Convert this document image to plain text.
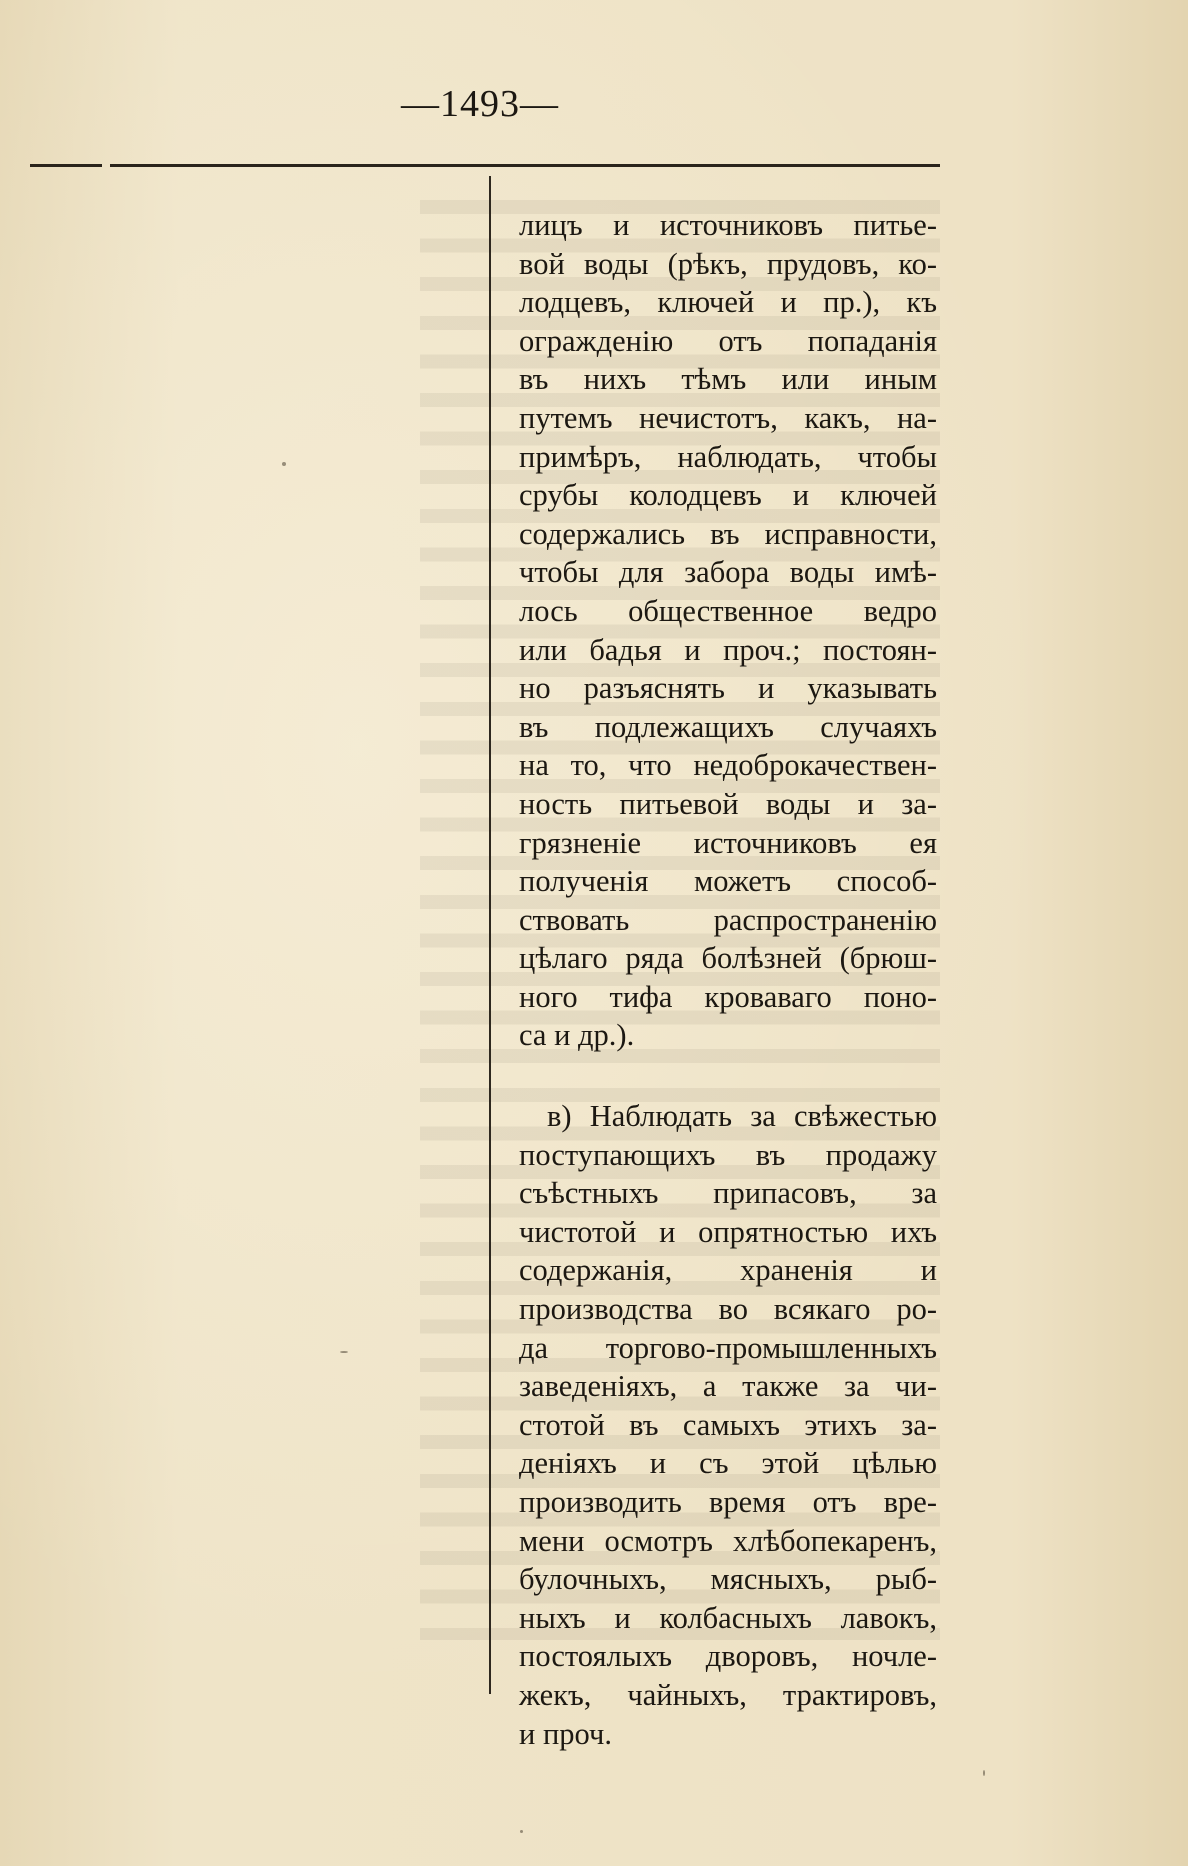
—1493—
лицъ и источниковъ питье-
вой воды (рѣкъ, прудовъ, ко-
лодцевъ, ключей и пр.), къ
огражденію отъ попаданія
въ нихъ тѣмъ или иным
путемъ нечистотъ, какъ, на-
примѣръ, наблюдать, чтобы
срубы колодцевъ и ключей
содержались въ исправности,
чтобы для забора воды имѣ-
лось общественное ведро
или бадья и проч.; постоян-
но разъяснять и указывать
въ подлежащихъ случаяхъ
на то, что недоброкачествен-
ность питьевой воды и за-
грязненіе источниковъ ея
полученія можетъ способ-
ствовать распространенію
цѣлаго ряда болѣзней (брюш-
ного тифа кроваваго поно-
са и др.).
в) Наблюдать за свѣжестью
поступающихъ въ продажу
съѣстныхъ припасовъ, за
чистотой и опрятностью ихъ
содержанія, храненія и
производства во всякаго ро-
да торгово-промышленныхъ
заведеніяхъ, а также за чи-
стотой въ самыхъ этихъ за-
деніяхъ и съ этой цѣлью
производить время отъ вре-
мени осмотръ хлѣбопекаренъ,
булочныхъ, мясныхъ, рыб-
ныхъ и колбасныхъ лавокъ,
постоялыхъ дворовъ, ночле-
жекъ, чайныхъ, трактировъ,
и проч.
